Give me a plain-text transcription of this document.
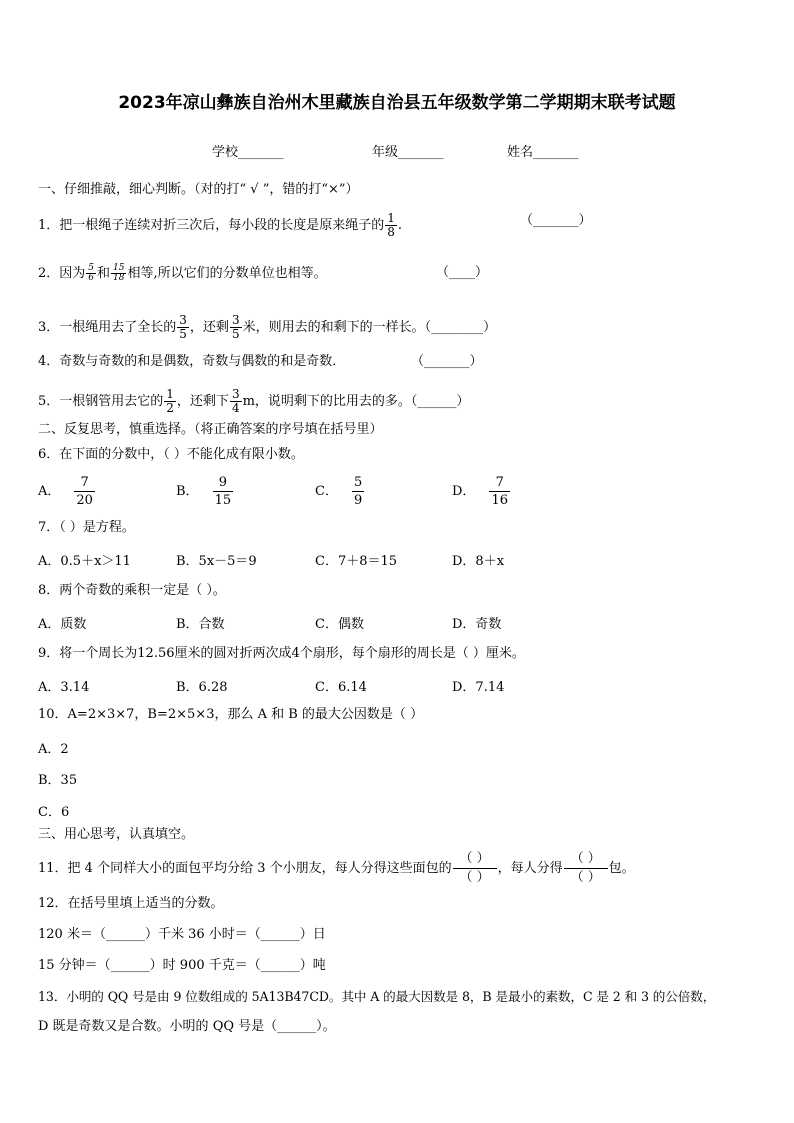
2023年凉山彝族自治州木里藏族自治县五年级数学第二学期期末联考试题
学校_______	年级_______	姓名_______
一、仔细推敲，细心判断。（对的打“ √ ”，错的打“×”）
1．把一根绳子连续对折三次后，每小段的长度是原来绳子的 $\frac{1}{8}$ .	（_______）
2．因为 $\frac{5}{6}$ 和 $\frac{15}{18}$ 相等,所以它们的分数单位也相等。	（____）
3．一根绳用去了全长的 $\frac{3}{5}$ ，还剩 $\frac{3}{5}$ 米，则用去的和剩下的一样长。（________）
4．奇数与奇数的和是偶数，奇数与偶数的和是奇数．	（_______）
5．一根钢管用去它的 $\frac{1}{2}$ ，还剩下 $\frac{3}{4}$ m，说明剩下的比用去的多。（______）
二、反复思考，慎重选择。（将正确答案的序号填在括号里）
6．在下面的分数中，（ ）不能化成有限小数。
A． $\frac{7}{20}$	B． $\frac{9}{15}$	C． $\frac{5}{9}$	D． $\frac{7}{16}$
7．（ ）是方程。
A．0.5＋x＞11	B．5x－5＝9	C．7＋8＝15	D．8＋x
8．两个奇数的乘积一定是（ ）。
A．质数	B．合数	C．偶数	D．奇数
9．将一个周长为12.56厘米的圆对折两次成4个扇形，每个扇形的周长是（ ）厘米。
A．3.14	B．6.28	C．6.14	D．7.14
10．A=2×3×7，B=2×5×3，那么 A 和 B 的最大公因数是（ ）
A．2
B．35
C．6
三、用心思考，认真填空。
11．把 4 个同样大小的面包平均分给 3 个小朋友，每人分得这些面包的 $\frac{( )}{( )}$ ，每人分得 $\frac{( )}{( )}$ 包。
12．在括号里填上适当的分数。
120 米＝（______）千米 36 小时＝（______）日
15 分钟＝（______）时 900 千克＝（______）吨
13．小明的 QQ 号是由 9 位数组成的 5A13B47CD。其中 A 的最大因数是 8，B 是最小的素数，C 是 2 和 3 的公倍数，
D 既是奇数又是合数。小明的 QQ 号是（______）。
